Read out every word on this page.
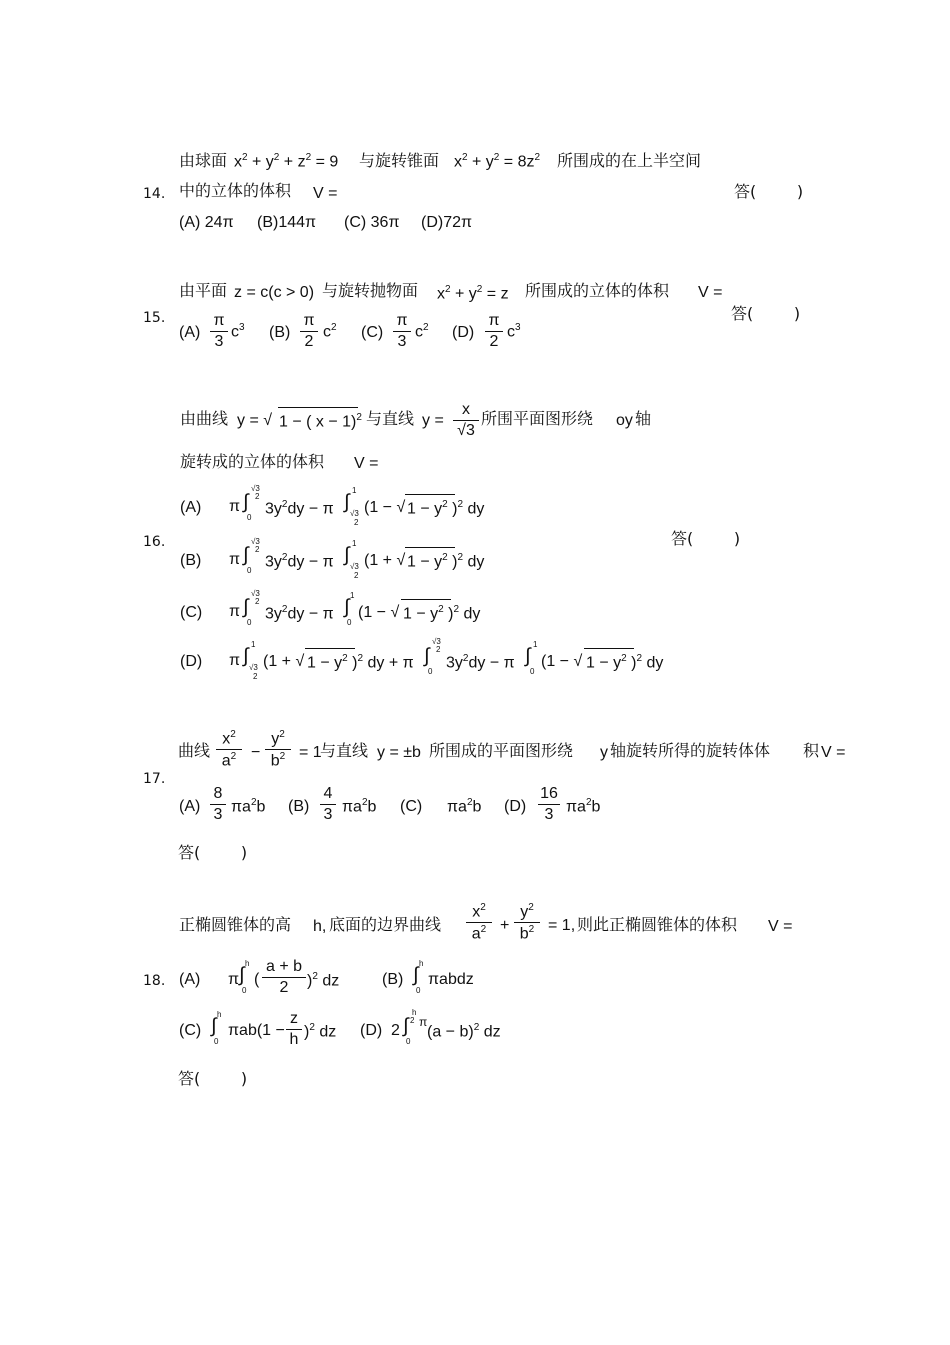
由球面 $x^2 + y^2 + z^2 = 9$ 与旋转锥面 $x^2 + y^2 = 8z^2$ 所围成的在上半空间
14. 中的立体的体积 V =	答(        )
(A) 24π (B)144π (C) 36π (D)72π
由平面 z = c(c > 0) 与旋转抛物面 $x^2 + y^2 = z$ 所围成的立体的体积 V =
15.	答(        )
(A)
π
3
$c^3$ (B)
π
2
$c^2$ (C)
π
3
$c^2$ (D)
π
2
$c^3$
由曲线 y = √ 1 − ( x − 1)$^2$ 与直线 y =
x
√3
所围平面图形绕 oy 轴
旋转成的立体的体积 V =
16.	答(        )
(A) π ∫
√3
2
0
$3y^2dy - \pi$ ∫
1
√3
2
(1 − √ $1 - y^2$ )$^2$ dy
(B) π ∫
√3
2
0
$3y^2dy - \pi$ ∫
1
√3
2
(1 + √ $1 - y^2$ )$^2$ dy
(C) π ∫
√3
2
0
$3y^2dy - \pi$ ∫
1
0
(1 − √ $1 - y^2$ )$^2$ dy
(D) π ∫
1
√3
2
(1 + √ $1 - y^2$ )$^2$ dy + π ∫
√3
2
0
$3y^2dy - \pi$ ∫
1
0
(1 − √ $1 - y^2$ )$^2$ dy
曲线
$x^2$
$a^2$ −
$y^2$
$b^2 = 1$
与直线 y = ±b 所围成的平面图形绕 y 轴旋转所得的旋转体体 积 V =
17.
(A)
8
3 $\pi a^2b$ (B)
4
3 $\pi a^2b$ (C) $\pi a^2b$ (D)
16
3 $\pi a^2b$
答(        )
正椭圆锥体的高 h, 底面的边界曲线
$x^2$
$a^2$ +
$y^2$
$b^2 = 1$, 则此正椭圆锥体的体积 V =
18. (A) π ∫
h
0
(
a + b
2 )$^2$ dz	(B) ∫
h
0
πabdz
(C) ∫
h
0
πab(1 −
z
h )$^2$ dz (D) 2 ∫
h
2
0
π
$(a - b)^2$ dz
答(        )
